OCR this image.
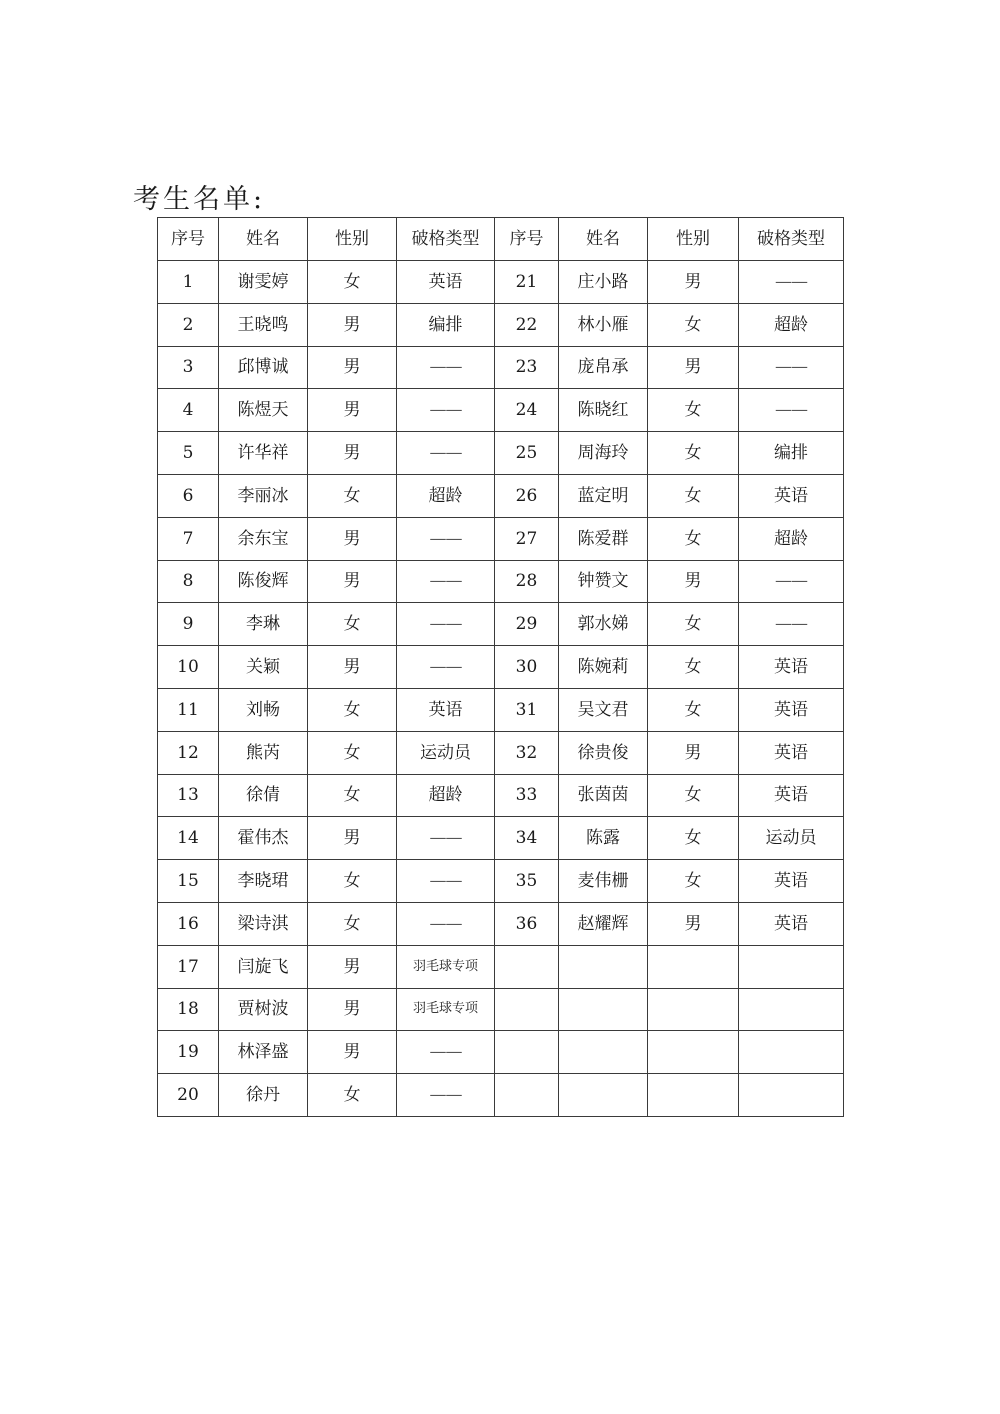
考生名单:
序号	姓名	性别	破格类型	序号	姓名	性别	破格类型
1	谢雯婷	女	英语	21	庄小路	男	——
2	王晓鸣	男	编排	22	林小雁	女	超龄
3	邱博诚	男	——	23	庞帛承	男	——
4	陈煜天	男	——	24	陈晓红	女	——
5	许华祥	男	——	25	周海玲	女	编排
6	李丽冰	女	超龄	26	蓝定明	女	英语
7	余东宝	男	——	27	陈爱群	女	超龄
8	陈俊辉	男	——	28	钟赞文	男	——
9	李琳	女	——	29	郭水娣	女	——
10	关颖	男	——	30	陈婉莉	女	英语
11	刘畅	女	英语	31	吴文君	女	英语
12	熊芮	女	运动员	32	徐贵俊	男	英语
13	徐倩	女	超龄	33	张茵茵	女	英语
14	霍伟杰	男	——	34	陈露	女	运动员
15	李晓珺	女	——	35	麦伟栅	女	英语
16	梁诗淇	女	——	36	赵耀辉	男	英语
17	闫旋飞	男	羽毛球专项				
18	贾树波	男	羽毛球专项				
19	林泽盛	男	——				
20	徐丹	女	——				
